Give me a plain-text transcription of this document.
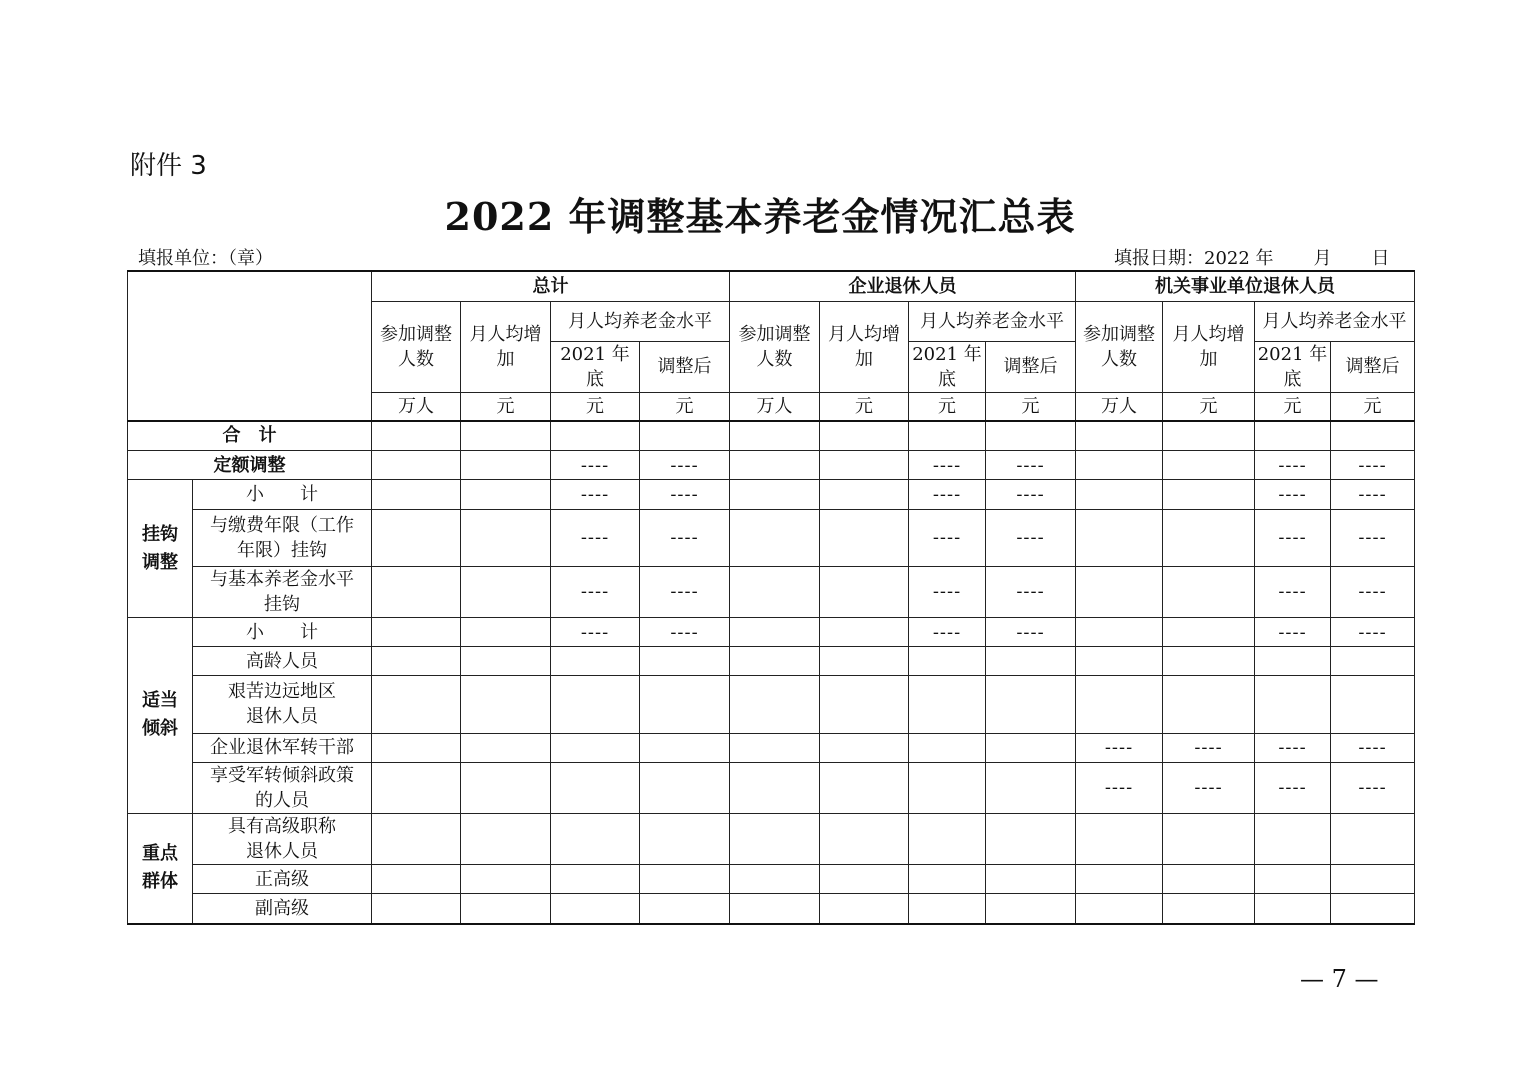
附件 3
2022 年调整基本养老金情况汇总表
填报单位：（章）	填报日期：2022 年 月 日
		总计				企业退休人员				机关事业单位退休人员			
		参加调整人数	月人均增加	月人均养老金水平		参加调整人数	月人均增加	月人均养老金水平		参加调整人数	月人均增加	月人均养老金水平	
				2021 年底	调整后			2021 年底	调整后			2021 年底	调整后
		万人	元	元	元	万人	元	元	元	万人	元	元	元
合　计													
定额调整				----	----			----	----			----	----
挂钩调整	小　　计			----	----			----	----			----	----
	与缴费年限（工作年限）挂钩			----	----			----	----			----	----
	与基本养老金水平挂钩			----	----			----	----			----	----
适当倾斜	小　　计			----	----			----	----			----	----
	高龄人员												
	艰苦边远地区退休人员												
	企业退休军转干部									----	----	----	----
	享受军转倾斜政策的人员									----	----	----	----
重点群体	具有高级职称退休人员												
	正高级												
	副高级												
— 7 —
